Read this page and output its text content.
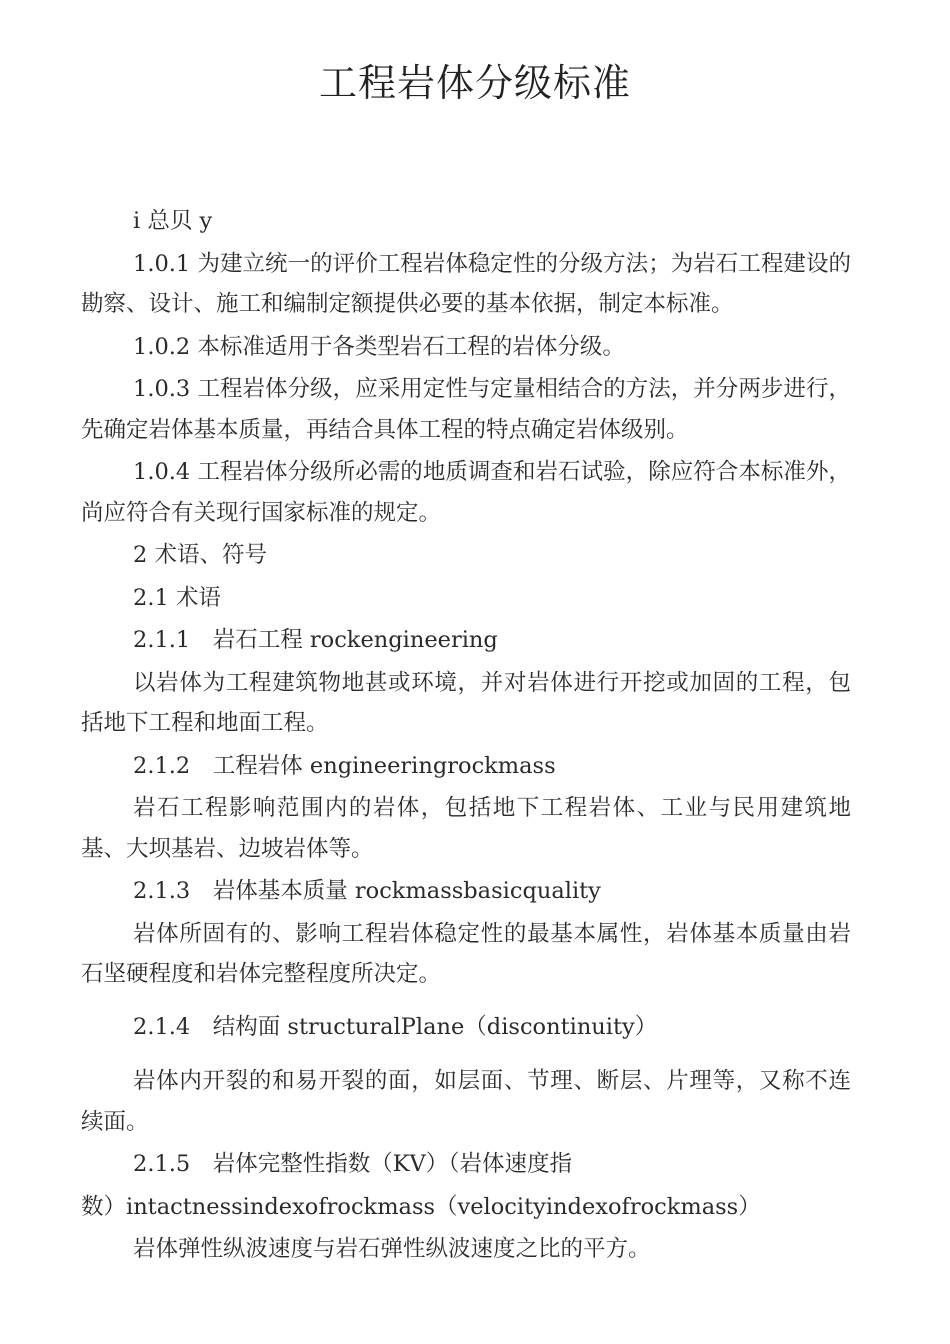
工程岩体分级标准

i 总贝 y

1.0.1 为建立统一的评价工程岩体稳定性的分级方法；为岩石工程建设的勘察、设计、施工和编制定额提供必要的基本依据，制定本标准。

1.0.2 本标准适用于各类型岩石工程的岩体分级。

1.0.3 工程岩体分级，应采用定性与定量相结合的方法，并分两步进行，先确定岩体基本质量，再结合具体工程的特点确定岩体级别。

1.0.4 工程岩体分级所必需的地质调查和岩石试验，除应符合本标准外，尚应符合有关现行国家标准的规定。

2 术语、符号

2.1 术语

2.1.1　岩石工程 rockengineering

以岩体为工程建筑物地甚或环境，并对岩体进行开挖或加固的工程，包括地下工程和地面工程。

2.1.2　工程岩体 engineeringrockmass

岩石工程影响范围内的岩体，包括地下工程岩体、工业与民用建筑地基、大坝基岩、边坡岩体等。

2.1.3　岩体基本质量 rockmassbasicquality

岩体所固有的、影响工程岩体稳定性的最基本属性，岩体基本质量由岩石坚硬程度和岩体完整程度所决定。

2.1.4　结构面 structuralPlane（discontinuity）

岩体内开裂的和易开裂的面，如层面、节理、断层、片理等，又称不连续面。

2.1.5　岩体完整性指数（KV）（岩体速度指

数）intactnessindexofrockmass（velocityindexofrockmass）

岩体弹性纵波速度与岩石弹性纵波速度之比的平方。
